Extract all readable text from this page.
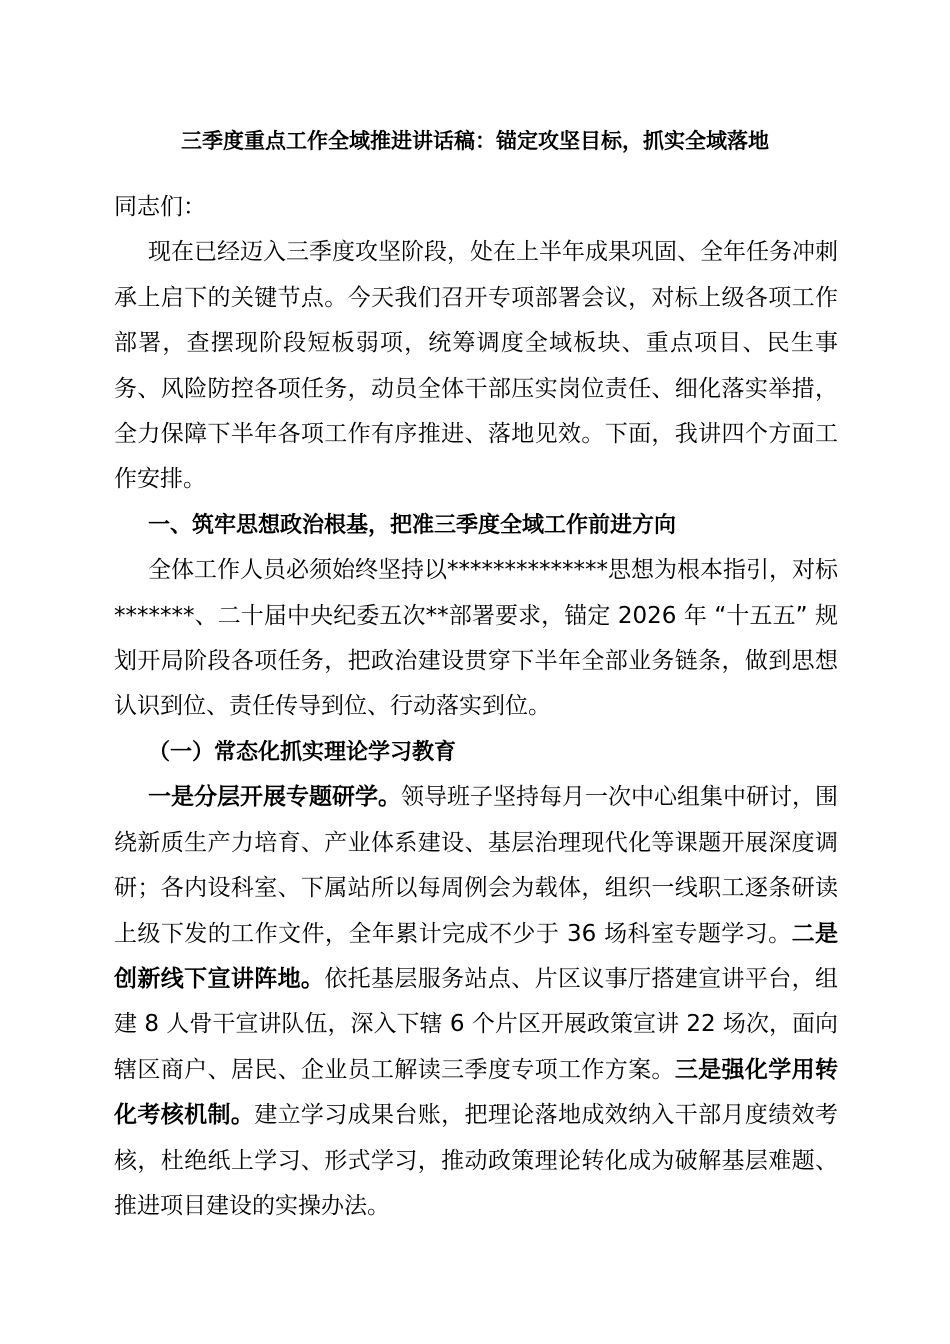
三季度重点工作全域推进讲话稿：锚定攻坚目标，抓实全域落地

同志们：

现在已经迈入三季度攻坚阶段，处在上半年成果巩固、全年任务冲刺承上启下的关键节点。今天我们召开专项部署会议，对标上级各项工作部署，查摆现阶段短板弱项，统筹调度全域板块、重点项目、民生事务、风险防控各项任务，动员全体干部压实岗位责任、细化落实举措，全力保障下半年各项工作有序推进、落地见效。下面，我讲四个方面工作安排。

一、筑牢思想政治根基，把准三季度全域工作前进方向

全体工作人员必须始终坚持以**************思想为根本指引，对标*******、二十届中央纪委五次**部署要求，锚定 2026 年 “十五五” 规划开局阶段各项任务，把政治建设贯穿下半年全部业务链条，做到思想认识到位、责任传导到位、行动落实到位。

（一）常态化抓实理论学习教育

一是分层开展专题研学。领导班子坚持每月一次中心组集中研讨，围绕新质生产力培育、产业体系建设、基层治理现代化等课题开展深度调研；各内设科室、下属站所以每周例会为载体，组织一线职工逐条研读上级下发的工作文件，全年累计完成不少于 36 场科室专题学习。二是创新线下宣讲阵地。依托基层服务站点、片区议事厅搭建宣讲平台，组建 8 人骨干宣讲队伍，深入下辖 6 个片区开展政策宣讲 22 场次，面向辖区商户、居民、企业员工解读三季度专项工作方案。三是强化学用转化考核机制。建立学习成果台账，把理论落地成效纳入干部月度绩效考核，杜绝纸上学习、形式学习，推动政策理论转化成为破解基层难题、推进项目建设的实操办法。
